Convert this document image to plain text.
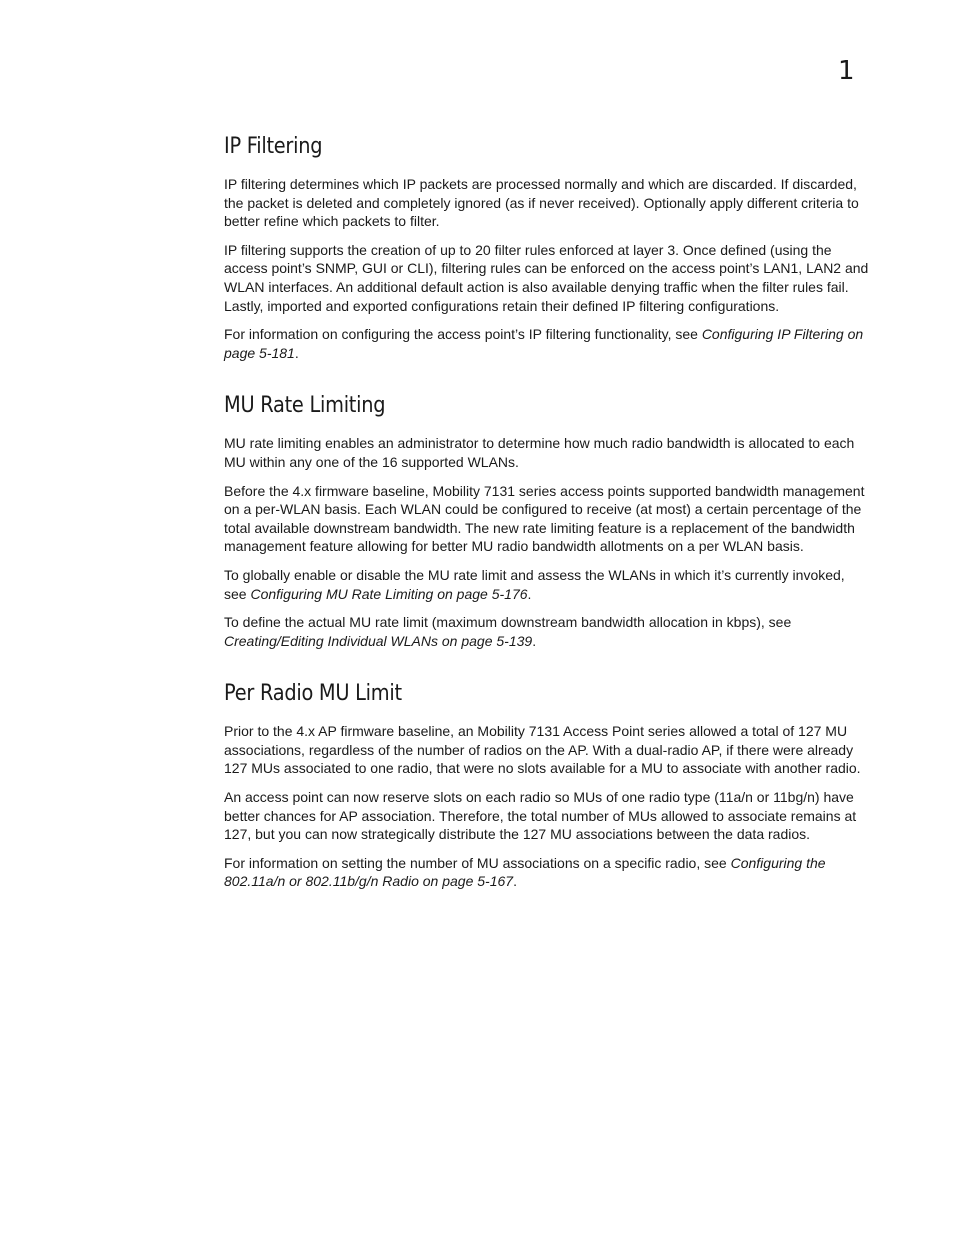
1
IP Filtering

IP filtering determines which IP packets are processed normally and which are discarded. If discarded, the packet is deleted and completely ignored (as if never received). Optionally apply different criteria to better refine which packets to filter.

IP filtering supports the creation of up to 20 filter rules enforced at layer 3. Once defined (using the access point’s SNMP, GUI or CLI), filtering rules can be enforced on the access point’s LAN1, LAN2 and WLAN interfaces. An additional default action is also available denying traffic when the filter rules fail. Lastly, imported and exported configurations retain their defined IP filtering configurations.

For information on configuring the access point’s IP filtering functionality, see Configuring IP Filtering on page 5-181.

MU Rate Limiting

MU rate limiting enables an administrator to determine how much radio bandwidth is allocated to each MU within any one of the 16 supported WLANs.

Before the 4.x firmware baseline, Mobility 7131 series access points supported bandwidth management on a per-WLAN basis. Each WLAN could be configured to receive (at most) a certain percentage of the total available downstream bandwidth. The new rate limiting feature is a replacement of the bandwidth management feature allowing for better MU radio bandwidth allotments on a per WLAN basis.

To globally enable or disable the MU rate limit and assess the WLANs in which it’s currently invoked, see Configuring MU Rate Limiting on page 5-176.

To define the actual MU rate limit (maximum downstream bandwidth allocation in kbps), see Creating/Editing Individual WLANs on page 5-139.

Per Radio MU Limit

Prior to the 4.x AP firmware baseline, an Mobility 7131 Access Point series allowed a total of 127 MU associations, regardless of the number of radios on the AP. With a dual-radio AP, if there were already 127 MUs associated to one radio, that were no slots available for a MU to associate with another radio.

An access point can now reserve slots on each radio so MUs of one radio type (11a/n or 11bg/n) have better chances for AP association. Therefore, the total number of MUs allowed to associate remains at 127, but you can now strategically distribute the 127 MU associations between the data radios.

For information on setting the number of MU associations on a specific radio, see Configuring the 802.11a/n or 802.11b/g/n Radio on page 5-167.
